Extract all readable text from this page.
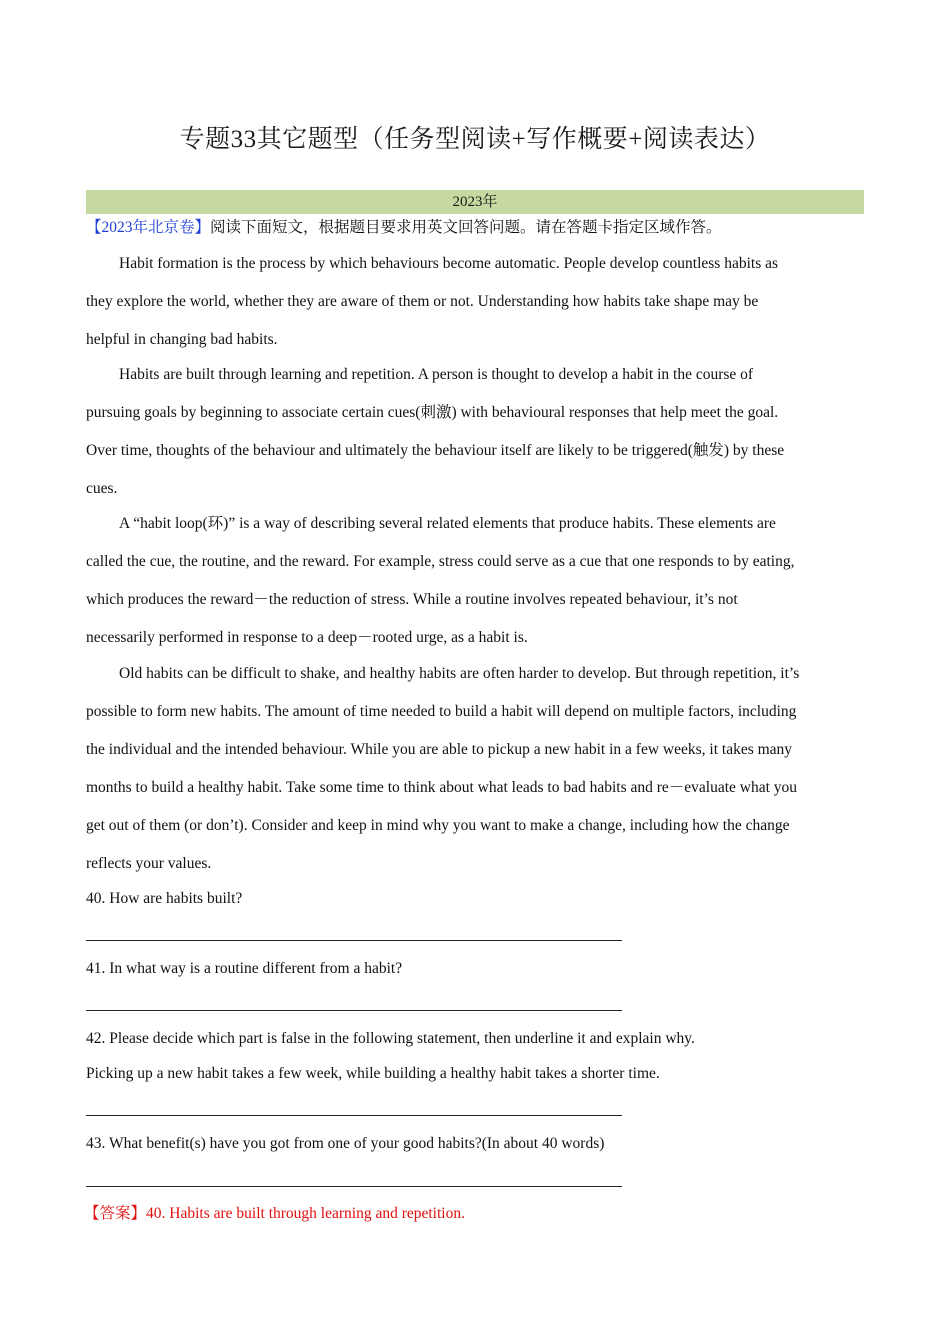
专题33其它题型（任务型阅读+写作概要+阅读表达）
2023年
【2023年北京卷】阅读下面短文，根据题目要求用英文回答问题。请在答题卡指定区域作答。
Habit formation is the process by which behaviours become automatic. People develop countless habits as
they explore the world, whether they are aware of them or not. Understanding how habits take shape may be
helpful in changing bad habits.
Habits are built through learning and repetition. A person is thought to develop a habit in the course of
pursuing goals by beginning to associate certain cues(刺激) with behavioural responses that help meet the goal.
Over time, thoughts of the behaviour and ultimately the behaviour itself are likely to be triggered(触发) by these
cues.
A “habit loop(环)” is a way of describing several related elements that produce habits. These elements are
called the cue, the routine, and the reward. For example, stress could serve as a cue that one responds to by eating,
which produces the reward－the reduction of stress. While a routine involves repeated behaviour, it’s not
necessarily performed in response to a deep－rooted urge, as a habit is.
Old habits can be difficult to shake, and healthy habits are often harder to develop. But through repetition, it’s
possible to form new habits. The amount of time needed to build a habit will depend on multiple factors, including
the individual and the intended behaviour. While you are able to pickup a new habit in a few weeks, it takes many
months to build a healthy habit. Take some time to think about what leads to bad habits and re－evaluate what you
get out of them (or don’t). Consider and keep in mind why you want to make a change, including how the change
reflects your values.
40. How are habits built?
41. In what way is a routine different from a habit?
42. Please decide which part is false in the following statement, then underline it and explain why.
Picking up a new habit takes a few week, while building a healthy habit takes a shorter time.
43. What benefit(s) have you got from one of your good habits?(In about 40 words)
【答案】40. Habits are built through learning and repetition.
